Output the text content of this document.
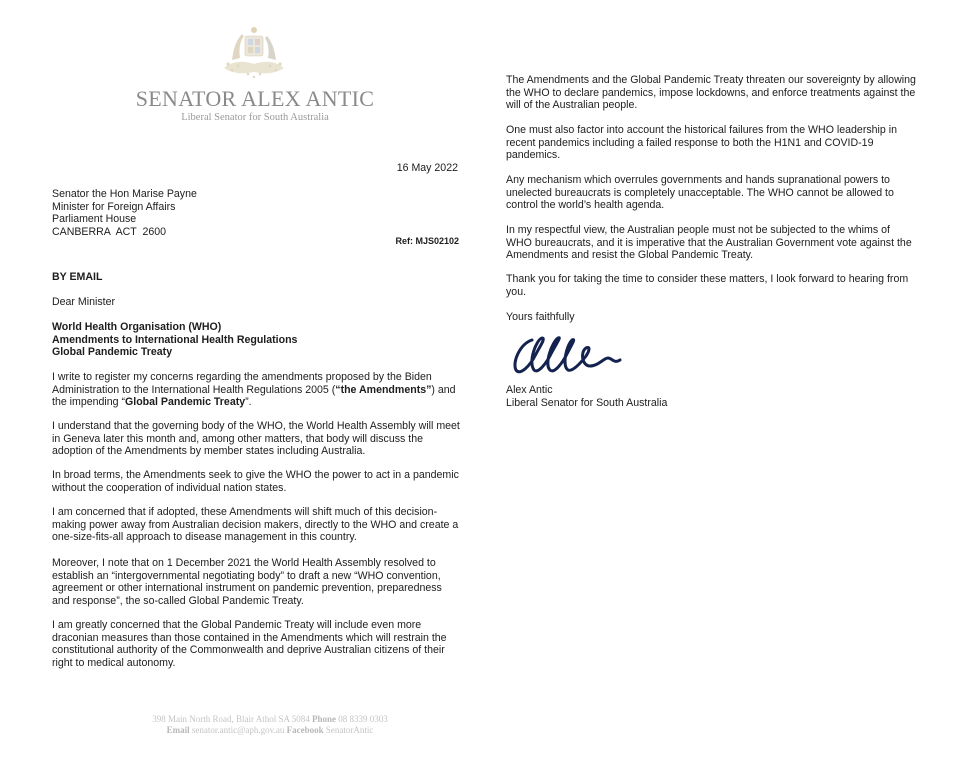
SENATOR ALEX ANTIC
Liberal Senator for South Australia
16 May 2022
Senator the Hon Marise Payne
Minister for Foreign Affairs
Parliament House
CANBERRA  ACT  2600
Ref: MJS02102
BY EMAIL
Dear Minister
World Health Organisation (WHO)
Amendments to International Health Regulations
Global Pandemic Treaty

I write to register my concerns regarding the amendments proposed by the Biden Administration to the International Health Regulations 2005 (“the Amendments”) and the impending “Global Pandemic Treaty”.

I understand that the governing body of the WHO, the World Health Assembly will meet in Geneva later this month and, among other matters, that body will discuss the adoption of the Amendments by member states including Australia.

In broad terms, the Amendments seek to give the WHO the power to act in a pandemic without the cooperation of individual nation states.

I am concerned that if adopted, these Amendments will shift much of this decision-making power away from Australian decision makers, directly to the WHO and create a one-size-fits-all approach to disease management in this country.

Moreover, I note that on 1 December 2021 the World Health Assembly resolved to establish an “intergovernmental negotiating body” to draft a new “WHO convention, agreement or other international instrument on pandemic prevention, preparedness and response”, the so-called Global Pandemic Treaty.

I am greatly concerned that the Global Pandemic Treaty will include even more draconian measures than those contained in the Amendments which will restrain the constitutional authority of the Commonwealth and deprive Australian citizens of their right to medical autonomy.

The Amendments and the Global Pandemic Treaty threaten our sovereignty by allowing the WHO to declare pandemics, impose lockdowns, and enforce treatments against the will of the Australian people.

One must also factor into account the historical failures from the WHO leadership in recent pandemics including a failed response to both the H1N1 and COVID-19 pandemics.

Any mechanism which overrules governments and hands supranational powers to unelected bureaucrats is completely unacceptable. The WHO cannot be allowed to control the world’s health agenda.

In my respectful view, the Australian people must not be subjected to the whims of WHO bureaucrats, and it is imperative that the Australian Government vote against the Amendments and resist the Global Pandemic Treaty.

Thank you for taking the time to consider these matters, I look forward to hearing from you.

Yours faithfully
Alex Antic
Liberal Senator for South Australia
398 Main North Road, Blair Athol SA 5084 Phone 08 8339 0303
Email senator.antic@aph.gov.au Facebook SenatorAntic
